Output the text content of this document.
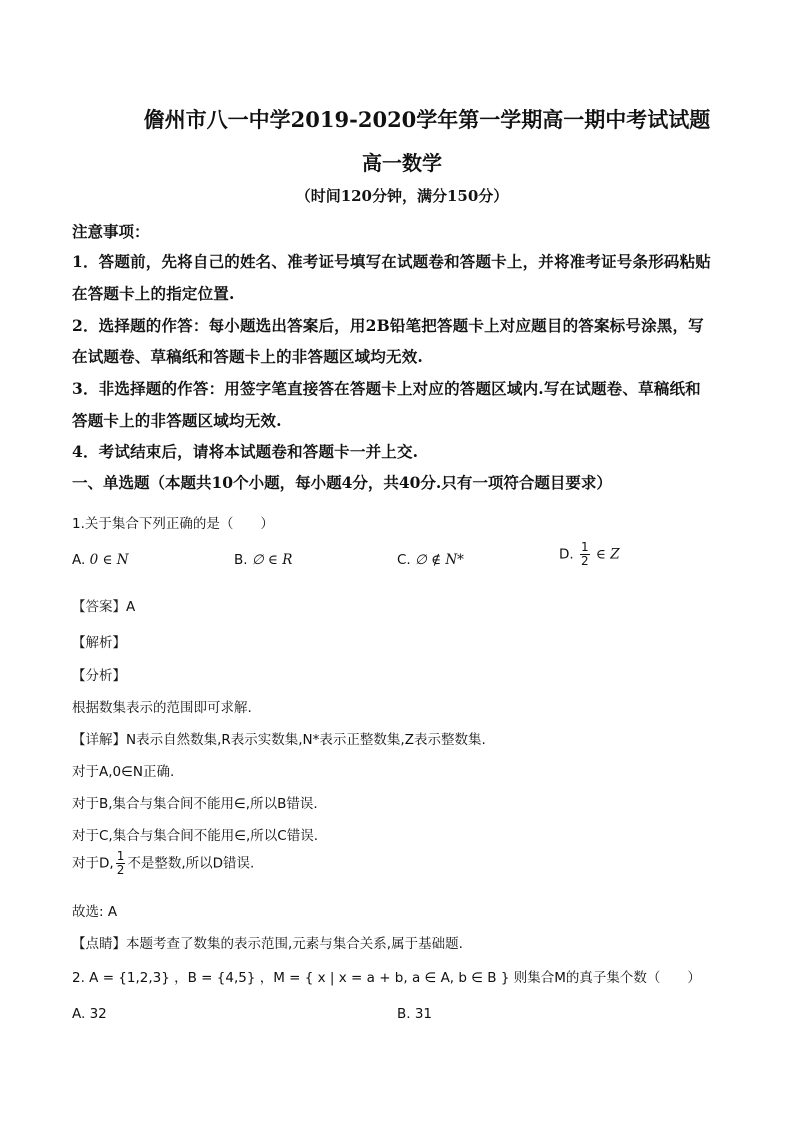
儋州市八一中学2019-2020学年第一学期高一期中考试试题
高一数学
（时间120分钟，满分150分）
注意事项：
1．答题前，先将自己的姓名、准考证号填写在试题卷和答题卡上，并将准考证号条形码粘贴
在答题卡上的指定位置.
2．选择题的作答：每小题选出答案后，用2B铅笔把答题卡上对应题目的答案标号涂黑，写
在试题卷、草稿纸和答题卡上的非答题区域均无效.
3．非选择题的作答：用签字笔直接答在答题卡上对应的答题区域内.写在试题卷、草稿纸和
答题卡上的非答题区域均无效.
4．考试结束后，请将本试题卷和答题卡一并上交.
一、单选题（本题共10个小题，每小题4分，共40分.只有一项符合题目要求）
1.关于集合下列正确的是（　　）
A. 0 ∈ N	B. ∅ ∈ R	C. ∅ ∉ N*	D. $\frac{1}{2}$ ∈ Z
【答案】A
【解析】
【分析】
根据数集表示的范围即可求解.
【详解】N表示自然数集,R表示实数集,N*表示正整数集,Z表示整数集.
对于A,0∈N正确.
对于B,集合与集合间不能用∈,所以B错误.
对于C,集合与集合间不能用∈,所以C错误.
对于D, $\frac{1}{2}$ 不是整数,所以D错误.
故选: A
【点睛】本题考查了数集的表示范围,元素与集合关系,属于基础题.
2. A = {1,2,3} ，B = {4,5} ，M = { x | x = a + b, a ∈ A, b ∈ B } 则集合M的真子集个数（　　）
A. 32	B. 31
